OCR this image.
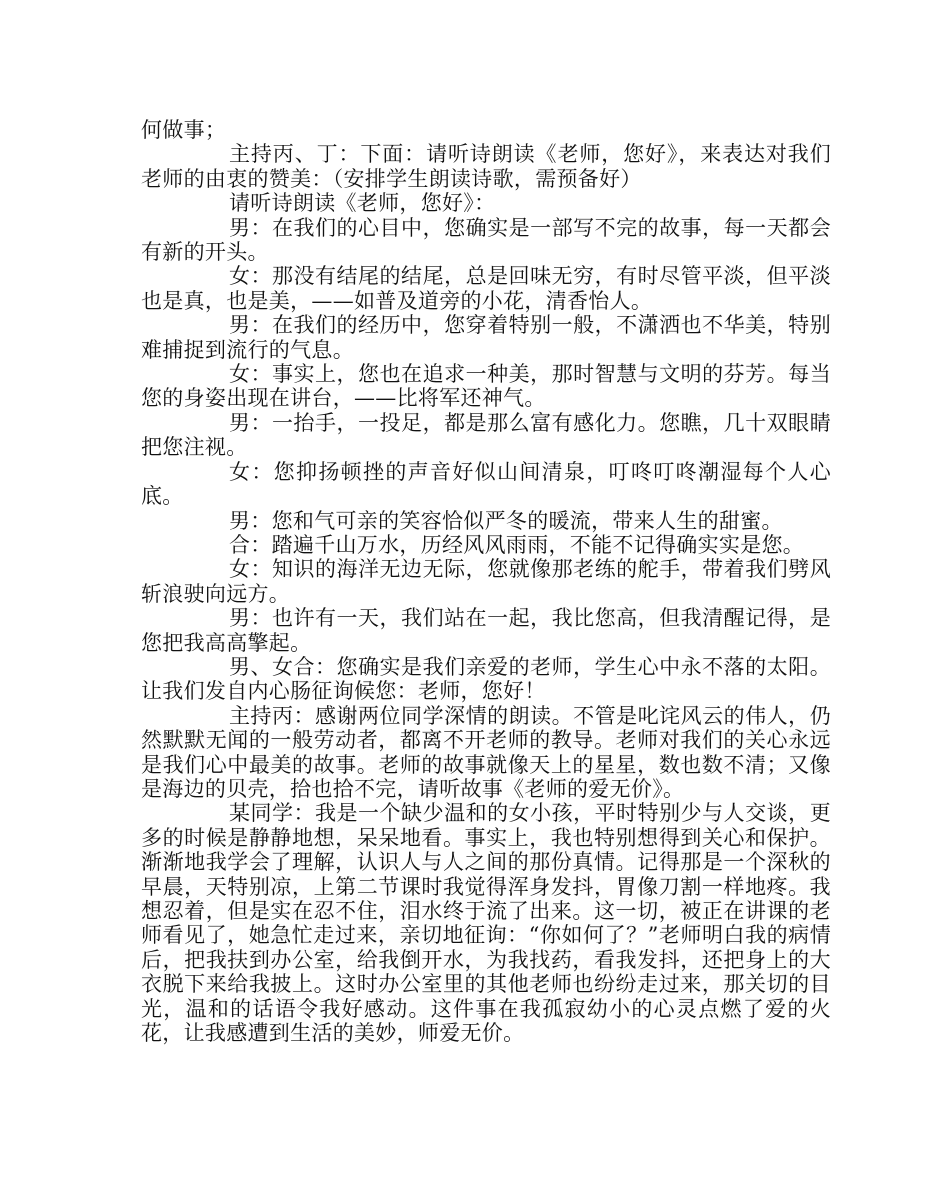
何做事；

主持丙、丁：下面：请听诗朗读《老师，您好》，来表达对我们老师的由衷的赞美：（安排学生朗读诗歌，需预备好）

请听诗朗读《老师，您好》：

男：在我们的心目中，您确实是一部写不完的故事，每一天都会有新的开头。

女：那没有结尾的结尾，总是回味无穷，有时尽管平淡，但平淡也是真，也是美，——如普及道旁的小花，清香怡人。

男：在我们的经历中，您穿着特别一般，不潇洒也不华美，特别难捕捉到流行的气息。

女：事实上，您也在追求一种美，那时智慧与文明的芬芳。每当您的身姿出现在讲台，——比将军还神气。

男：一抬手，一投足，都是那么富有感化力。您瞧，几十双眼睛把您注视。

女：您抑扬顿挫的声音好似山间清泉，叮咚叮咚潮湿每个人心底。

男：您和气可亲的笑容恰似严冬的暖流，带来人生的甜蜜。

合：踏遍千山万水，历经风风雨雨，不能不记得确实实是您。

女：知识的海洋无边无际，您就像那老练的舵手，带着我们劈风斩浪驶向远方。

男：也许有一天，我们站在一起，我比您高，但我清醒记得，是您把我高高擎起。

男、女合：您确实是我们亲爱的老师，学生心中永不落的太阳。让我们发自内心肠征询候您：老师，您好！

主持丙：感谢两位同学深情的朗读。不管是叱诧风云的伟人，仍然默默无闻的一般劳动者，都离不开老师的教导。老师对我们的关心永远是我们心中最美的故事。老师的故事就像天上的星星，数也数不清；又像是海边的贝壳，拾也拾不完，请听故事《老师的爱无价》。

某同学：我是一个缺少温和的女小孩，平时特别少与人交谈，更多的时候是静静地想，呆呆地看。事实上，我也特别想得到关心和保护。渐渐地我学会了理解，认识人与人之间的那份真情。记得那是一个深秋的早晨，天特别凉，上第二节课时我觉得浑身发抖，胃像刀割一样地疼。我想忍着，但是实在忍不住，泪水终于流了出来。这一切，被正在讲课的老师看见了，她急忙走过来，亲切地征询：“你如何了？”老师明白我的病情后，把我扶到办公室，给我倒开水，为我找药，看我发抖，还把身上的大衣脱下来给我披上。这时办公室里的其他老师也纷纷走过来，那关切的目光，温和的话语令我好感动。这件事在我孤寂幼小的心灵点燃了爱的火花，让我感遭到生活的美妙，师爱无价。
